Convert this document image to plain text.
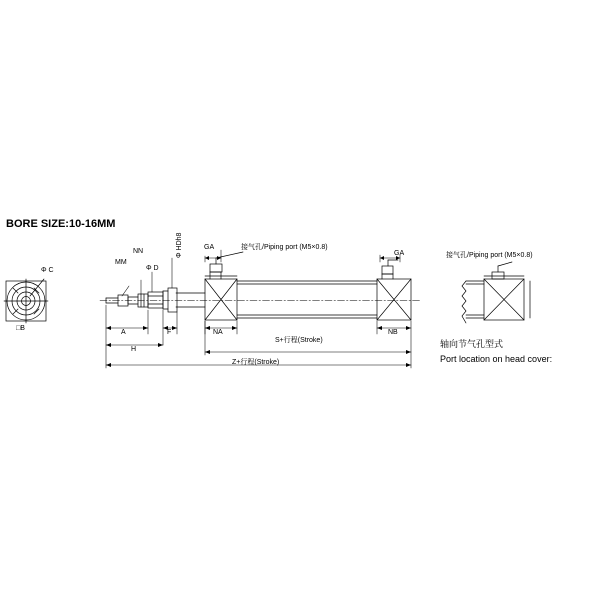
BORE SIZE:10-16MM
Φ C
□B
MM
NN
Φ D
Φ HDh8	GA
GA
接气孔/Piping port (M5×0.8)
接气孔/Piping port (M5×0.8)
A	F	NA	NB
H
S+行程(Stroke)
Z+行程(Stroke)
轴向节气孔型式
Port location on head cover:
